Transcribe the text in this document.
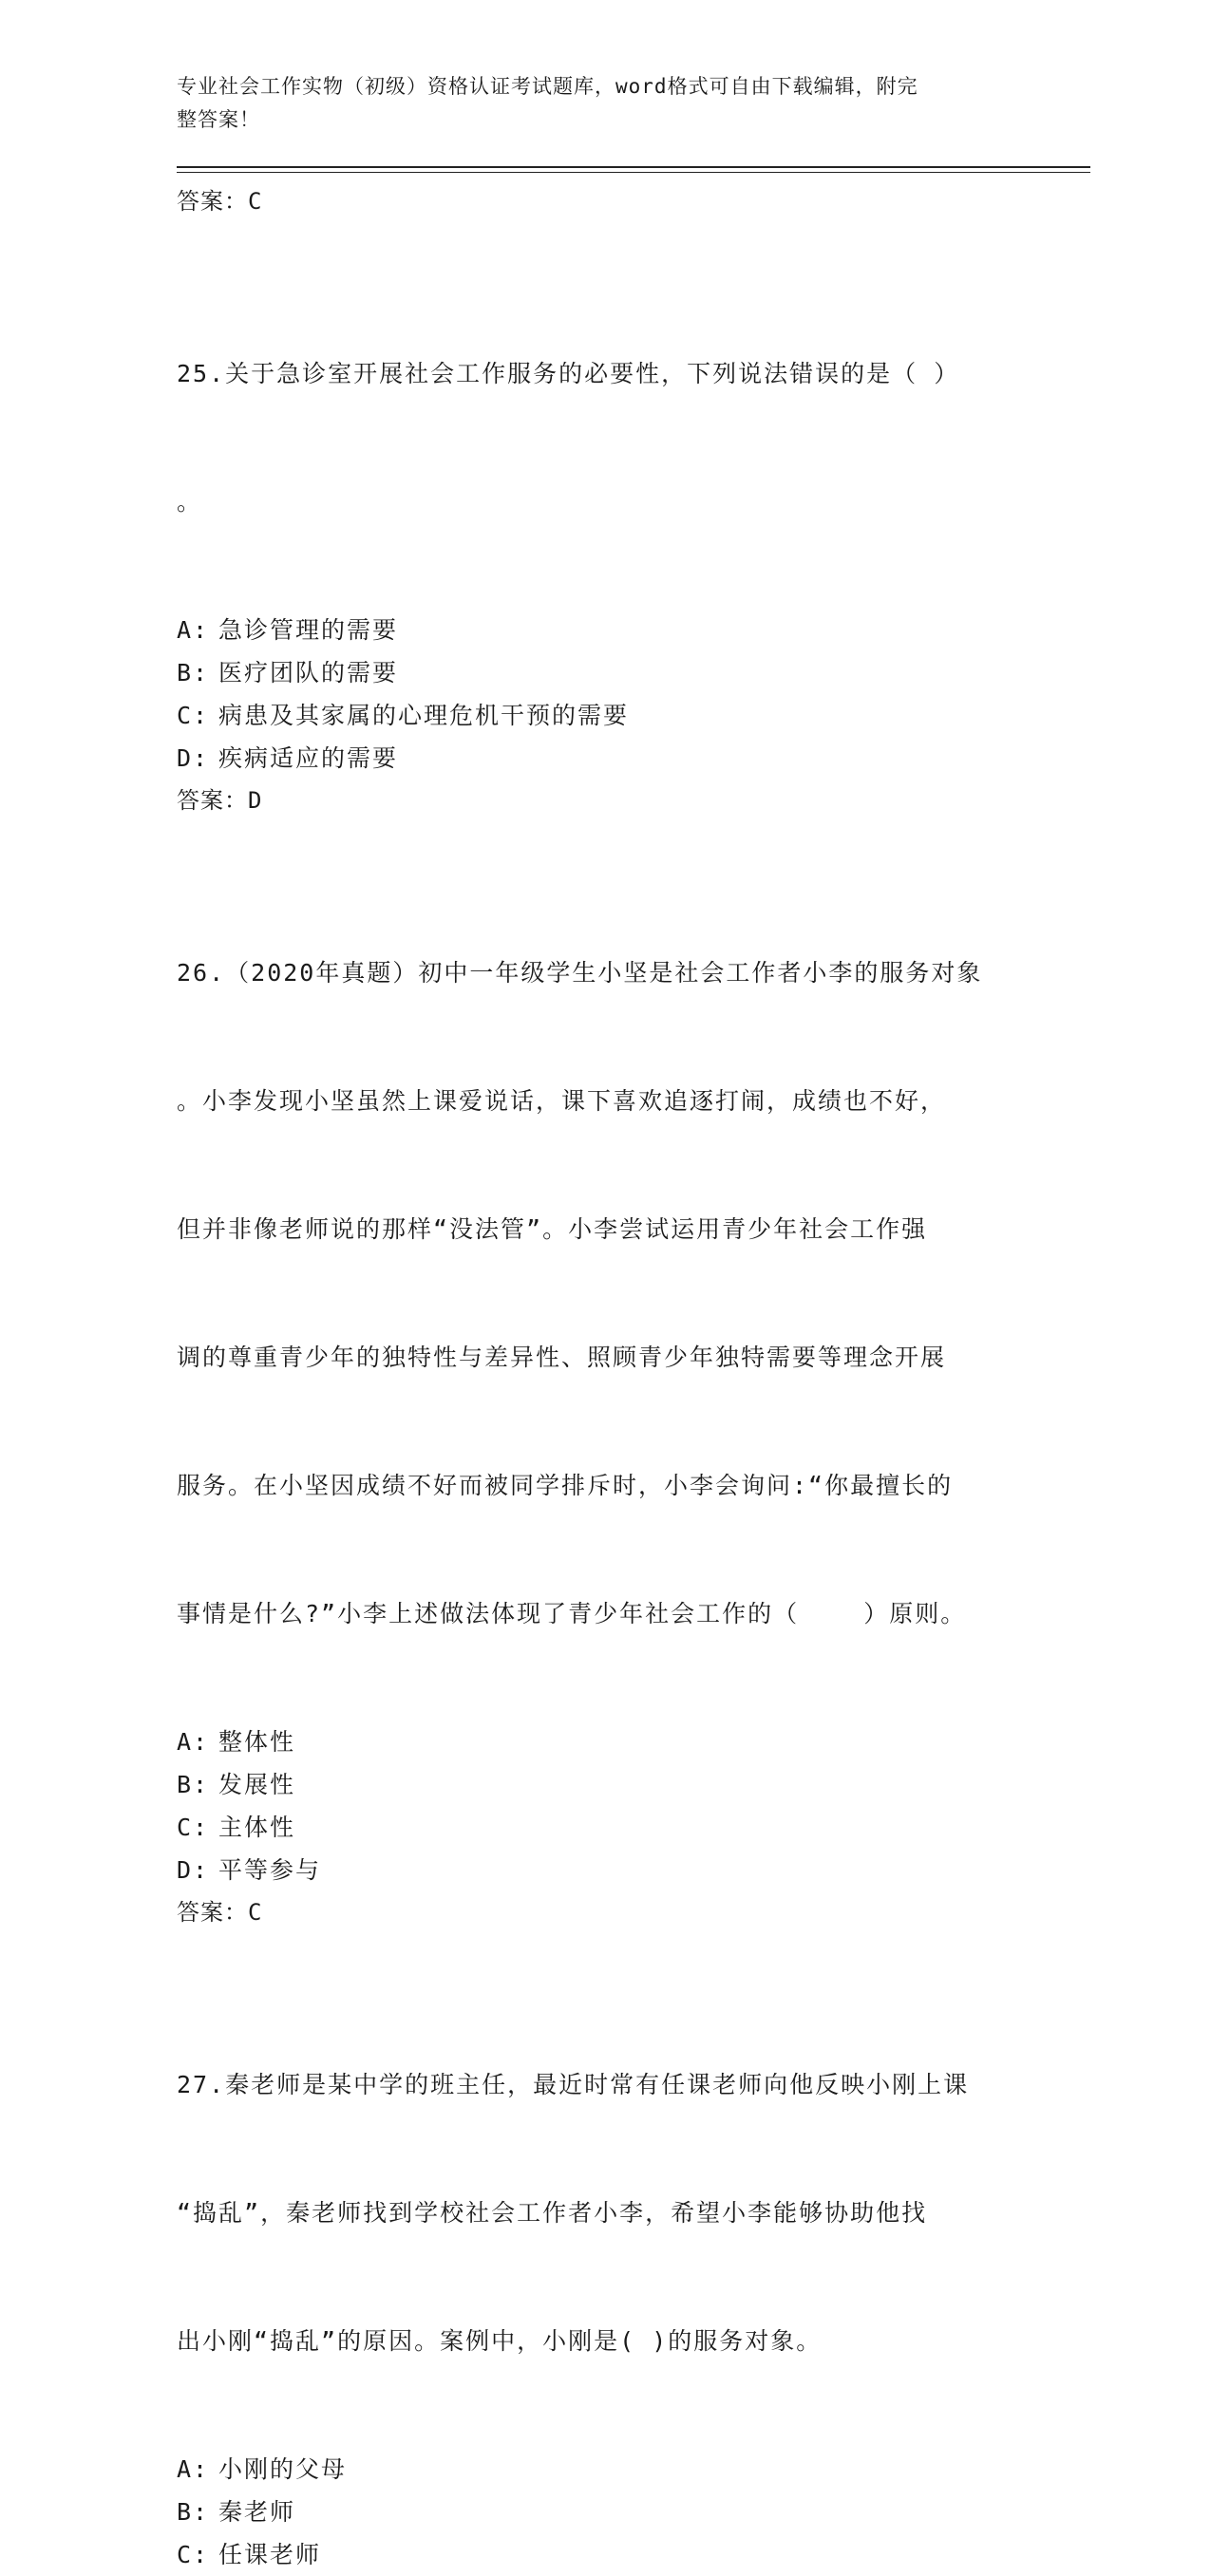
专业社会工作实物（初级）资格认证考试题库，word格式可自由下载编辑，附完
整答案！
答案：C

25.关于急诊室开展社会工作服务的必要性，下列说法错误的是（ ）

。

A: 急诊管理的需要
B: 医疗团队的需要
C: 病患及其家属的心理危机干预的需要
D: 疾病适应的需要
答案：D

26.（2020年真题）初中一年级学生小坚是社会工作者小李的服务对象

。小李发现小坚虽然上课爱说话，课下喜欢追逐打闹，成绩也不好，

但并非像老师说的那样“没法管”。小李尝试运用青少年社会工作强

调的尊重青少年的独特性与差异性、照顾青少年独特需要等理念开展

服务。在小坚因成绩不好而被同学排斥时，小李会询问:“你最擅长的

事情是什么?”小李上述做法体现了青少年社会工作的（    ）原则。

A: 整体性
B: 发展性
C: 主体性
D: 平等参与
答案：C

27.秦老师是某中学的班主任，最近时常有任课老师向他反映小刚上课

“捣乱”，秦老师找到学校社会工作者小李，希望小李能够协助他找

出小刚“捣乱”的原因。案例中，小刚是( )的服务对象。

A: 小刚的父母
B: 秦老师
C: 任课老师
